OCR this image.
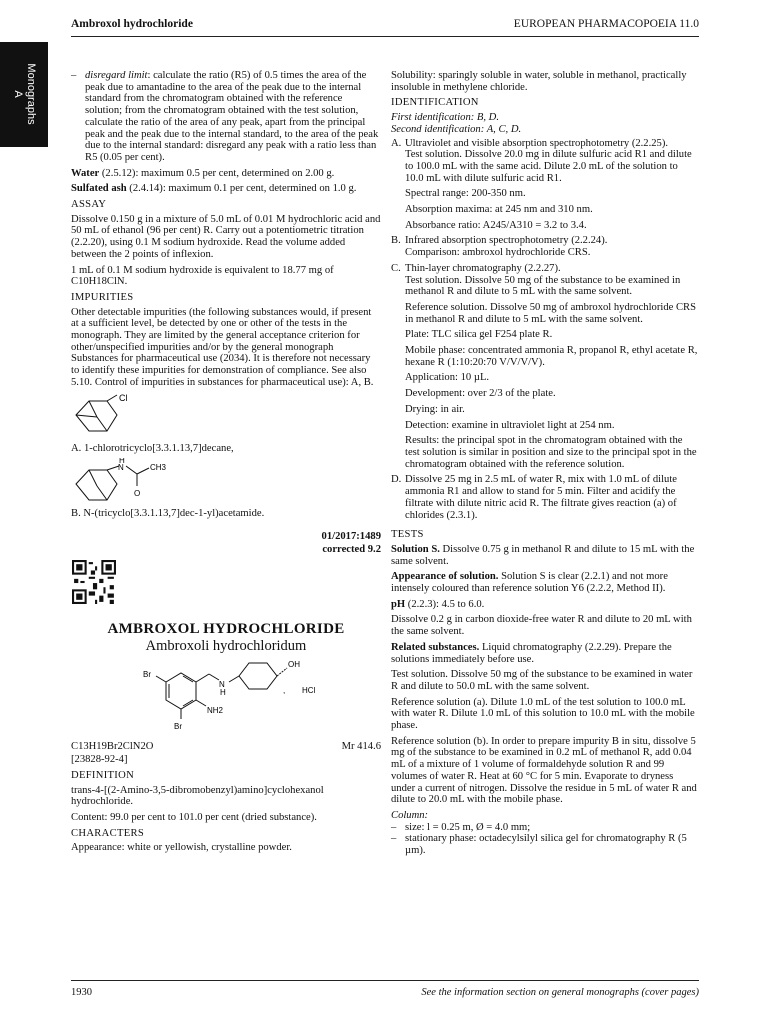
Ambroxol hydrochloride	EUROPEAN PHARMACOPOEIA 11.0
Monographs
A

– disregard limit: calculate the ratio (R5) of 0.5 times the area of the peak due to amantadine to the area of the peak due to the internal standard from the chromatogram obtained with the reference solution; from the chromatogram obtained with the test solution, calculate the ratio of the area of any peak, apart from the principal peak and the peak due to the internal standard, to the area of the peak due to the internal standard: disregard any peak with a ratio less than R5 (0.05 per cent).

Water (2.5.12): maximum 0.5 per cent, determined on 2.00 g.

Sulfated ash (2.4.14): maximum 0.1 per cent, determined on 1.0 g.

ASSAY

Dissolve 0.150 g in a mixture of 5.0 mL of 0.01 M hydrochloric acid and 50 mL of ethanol (96 per cent) R. Carry out a potentiometric titration (2.2.20), using 0.1 M sodium hydroxide. Read the volume added between the 2 points of inflexion.

1 mL of 0.1 M sodium hydroxide is equivalent to 18.77 mg of C10H18ClN.

IMPURITIES

Other detectable impurities (the following substances would, if present at a sufficient level, be detected by one or other of the tests in the monograph. They are limited by the general acceptance criterion for other/unspecified impurities and/or by the general monograph Substances for pharmaceutical use (2034). It is therefore not necessary to identify these impurities for demonstration of compliance. See also 5.10. Control of impurities in substances for pharmaceutical use): A, B.

Cl

A. 1-chlorotricyclo[3.3.1.13,7]decane,

H
N	CH3
O

B. N-(tricyclo[3.3.1.13,7]dec-1-yl)acetamide.

01/2017:1489
corrected 9.2
AMBROXOL HYDROCHLORIDE
Ambroxoli hydrochloridum
Br
Br
NH2
N
H
OH
HCl
,
C13H19Br2ClN2O	Mr 414.6

[23828-92-4]

DEFINITION

trans-4-[(2-Amino-3,5-dibromobenzyl)amino]cyclohexanol hydrochloride.

Content: 99.0 per cent to 101.0 per cent (dried substance).

CHARACTERS

Appearance: white or yellowish, crystalline powder.

Solubility: sparingly soluble in water, soluble in methanol, practically insoluble in methylene chloride.

IDENTIFICATION
First identification: B, D.
Second identification: A, C, D.
A. Ultraviolet and visible absorption spectrophotometry (2.2.25).

Test solution. Dissolve 20.0 mg in dilute sulfuric acid R1 and dilute to 100.0 mL with the same acid. Dilute 2.0 mL of the solution to 10.0 mL with dilute sulfuric acid R1.

Spectral range: 200-350 nm.

Absorption maxima: at 245 nm and 310 nm.

Absorbance ratio: A245/A310 = 3.2 to 3.4.

B. Infrared absorption spectrophotometry (2.2.24).

Comparison: ambroxol hydrochloride CRS.

C. Thin-layer chromatography (2.2.27).

Test solution. Dissolve 50 mg of the substance to be examined in methanol R and dilute to 5 mL with the same solvent.

Reference solution. Dissolve 50 mg of ambroxol hydrochloride CRS in methanol R and dilute to 5 mL with the same solvent.

Plate: TLC silica gel F254 plate R.

Mobile phase: concentrated ammonia R, propanol R, ethyl acetate R, hexane R (1:10:20:70 V/V/V/V).

Application: 10 µL.

Development: over 2/3 of the plate.

Drying: in air.

Detection: examine in ultraviolet light at 254 nm.

Results: the principal spot in the chromatogram obtained with the test solution is similar in position and size to the principal spot in the chromatogram obtained with the reference solution.

D. Dissolve 25 mg in 2.5 mL of water R, mix with 1.0 mL of dilute ammonia R1 and allow to stand for 5 min. Filter and acidify the filtrate with dilute nitric acid R. The filtrate gives reaction (a) of chlorides (2.3.1).
TESTS

Solution S. Dissolve 0.75 g in methanol R and dilute to 15 mL with the same solvent.

Appearance of solution. Solution S is clear (2.2.1) and not more intensely coloured than reference solution Y6 (2.2.2, Method II).

pH (2.2.3): 4.5 to 6.0.

Dissolve 0.2 g in carbon dioxide-free water R and dilute to 20 mL with the same solvent.

Related substances. Liquid chromatography (2.2.29). Prepare the solutions immediately before use.

Test solution. Dissolve 50 mg of the substance to be examined in water R and dilute to 50.0 mL with the same solvent.

Reference solution (a). Dilute 1.0 mL of the test solution to 100.0 mL with water R. Dilute 1.0 mL of this solution to 10.0 mL with the mobile phase.

Reference solution (b). In order to prepare impurity B in situ, dissolve 5 mg of the substance to be examined in 0.2 mL of methanol R, add 0.04 mL of a mixture of 1 volume of formaldehyde solution R and 99 volumes of water R. Heat at 60 °C for 5 min. Evaporate to dryness under a current of nitrogen. Dissolve the residue in 5 mL of water R and dilute to 20.0 mL with the mobile phase.

Column:
– size: l = 0.25 m, Ø = 4.0 mm;
– stationary phase: octadecylsilyl silica gel for chromatography R (5 µm).
1930	See the information section on general monographs (cover pages)
